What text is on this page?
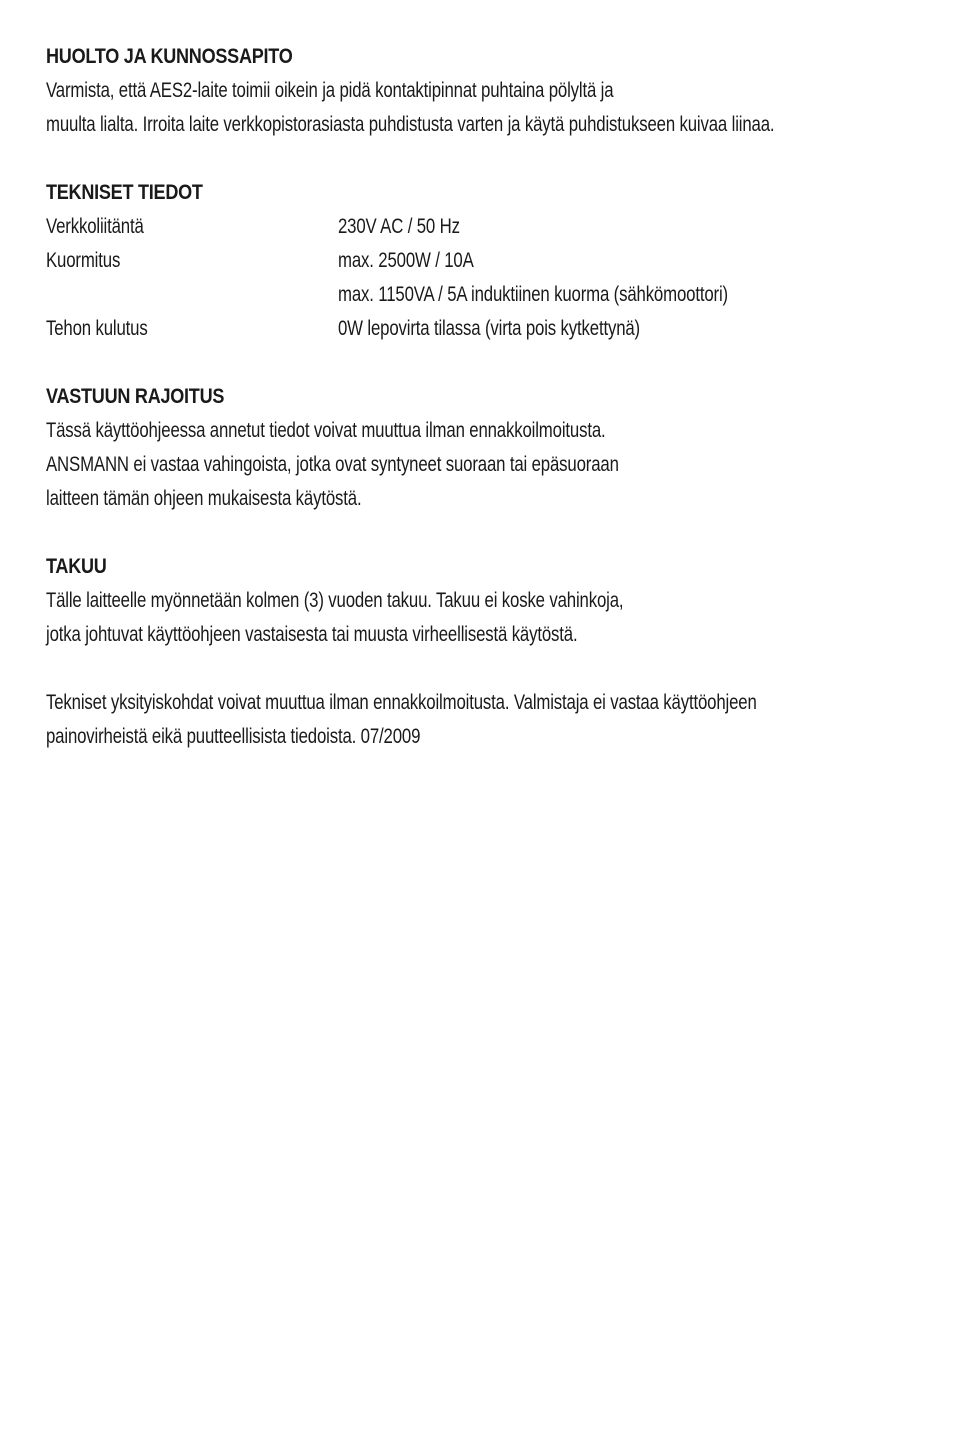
HUOLTO JA KUNNOSSAPITO
Varmista, että AES2-laite toimii oikein ja pidä kontaktipinnat puhtaina pölyltä ja
muulta lialta. Irroita laite verkkopistorasiasta puhdistusta varten ja käytä puhdistukseen kuivaa liinaa.
TEKNISET TIEDOT
Verkkoliitäntä	230V AC / 50 Hz
Kuormitus	max. 2500W / 10A
max. 1150VA / 5A induktiinen kuorma (sähkömoottori)
Tehon kulutus	0W lepovirta tilassa (virta pois kytkettynä)
VASTUUN RAJOITUS
Tässä käyttöohjeessa annetut tiedot voivat muuttua ilman ennakkoilmoitusta.
ANSMANN ei vastaa vahingoista, jotka ovat syntyneet suoraan tai epäsuoraan
laitteen tämän ohjeen mukaisesta käytöstä.
TAKUU
Tälle laitteelle myönnetään kolmen (3) vuoden takuu. Takuu ei koske vahinkoja,
jotka johtuvat käyttöohjeen vastaisesta tai muusta virheellisestä käytöstä.
Tekniset yksityiskohdat voivat muuttua ilman ennakkoilmoitusta. Valmistaja ei vastaa käyttöohjeen
painovirheistä eikä puutteellisista tiedoista. 07/2009
